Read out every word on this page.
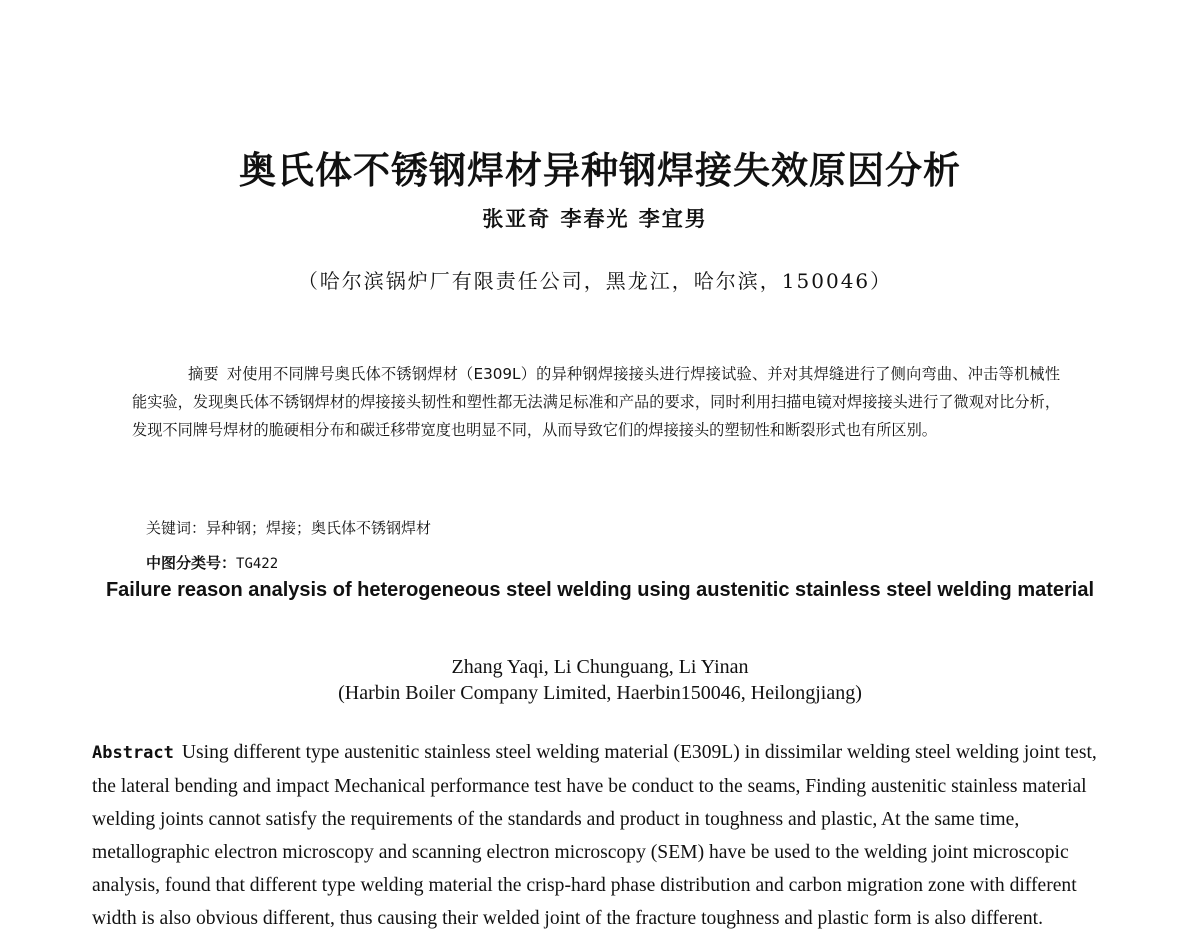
奥氏体不锈钢焊材异种钢焊接失效原因分析
张亚奇 李春光 李宜男
（哈尔滨锅炉厂有限责任公司，黑龙江，哈尔滨，150046）
摘要 对使用不同牌号奥氏体不锈钢焊材（E309L）的异种钢焊接接头进行焊接试验、并对其焊缝进行了侧向弯曲、冲击等机械性能实验，发现奥氏体不锈钢焊材的焊接接头韧性和塑性都无法满足标准和产品的要求，同时利用扫描电镜对焊接接头进行了微观对比分析，发现不同牌号焊材的脆硬相分布和碳迁移带宽度也明显不同，从而导致它们的焊接接头的塑韧性和断裂形式也有所区别。
关键词：异种钢；焊接；奥氏体不锈钢焊材
中图分类号：TG422
Failure reason analysis of heterogeneous steel welding using austenitic stainless steel welding material
Zhang Yaqi, Li Chunguang, Li Yinan
(Harbin Boiler Company Limited, Haerbin150046, Heilongjiang)
Abstract Using different type austenitic stainless steel welding material (E309L) in dissimilar welding steel welding joint test, the lateral bending and impact Mechanical performance test have be conduct to the seams, Finding austenitic stainless material welding joints cannot satisfy the requirements of the standards and product in toughness and plastic, At the same time, metallographic electron microscopy and scanning electron microscopy (SEM) have be used to the welding joint microscopic analysis, found that different type welding material the crisp-hard phase distribution and carbon migration zone with different width is also obvious different, thus causing their welded joint of the fracture toughness and plastic form is also different.
